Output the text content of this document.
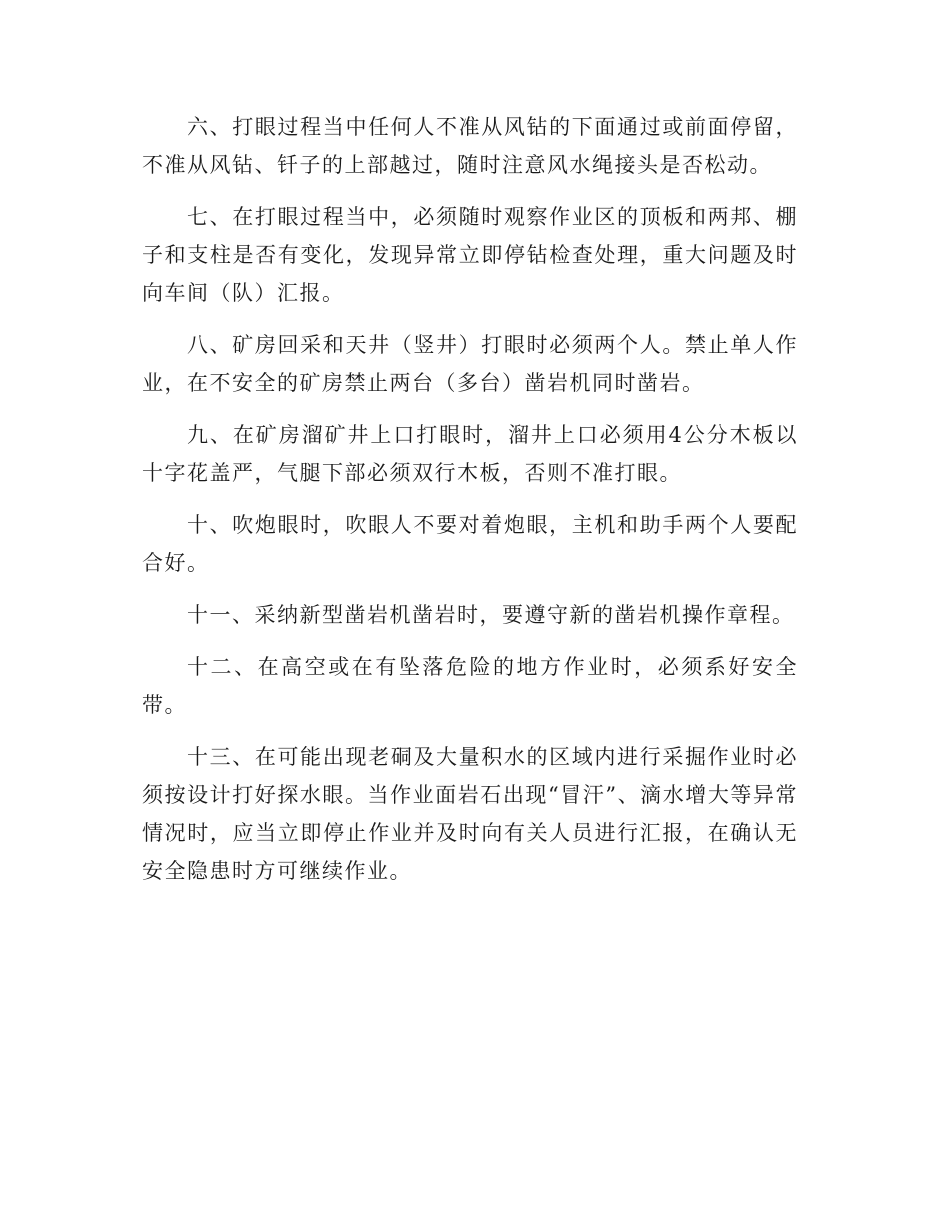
六、打眼过程当中任何人不准从风钻的下面通过或前面停留，不准从风钻、钎子的上部越过，随时注意风水绳接头是否松动。

七、在打眼过程当中，必须随时观察作业区的顶板和两邦、棚子和支柱是否有变化，发现异常立即停钻检查处理，重大问题及时向车间（队）汇报。

八、矿房回采和天井（竖井）打眼时必须两个人。禁止单人作业，在不安全的矿房禁止两台（多台）凿岩机同时凿岩。

九、在矿房溜矿井上口打眼时，溜井上口必须用4公分木板以十字花盖严，气腿下部必须双行木板，否则不准打眼。

十、吹炮眼时，吹眼人不要对着炮眼，主机和助手两个人要配合好。

十一、采纳新型凿岩机凿岩时，要遵守新的凿岩机操作章程。

十二、在高空或在有坠落危险的地方作业时，必须系好安全带。

十三、在可能出现老硐及大量积水的区域内进行采掘作业时必须按设计打好探水眼。当作业面岩石出现“冒汗”、滴水增大等异常情况时，应当立即停止作业并及时向有关人员进行汇报，在确认无安全隐患时方可继续作业。
